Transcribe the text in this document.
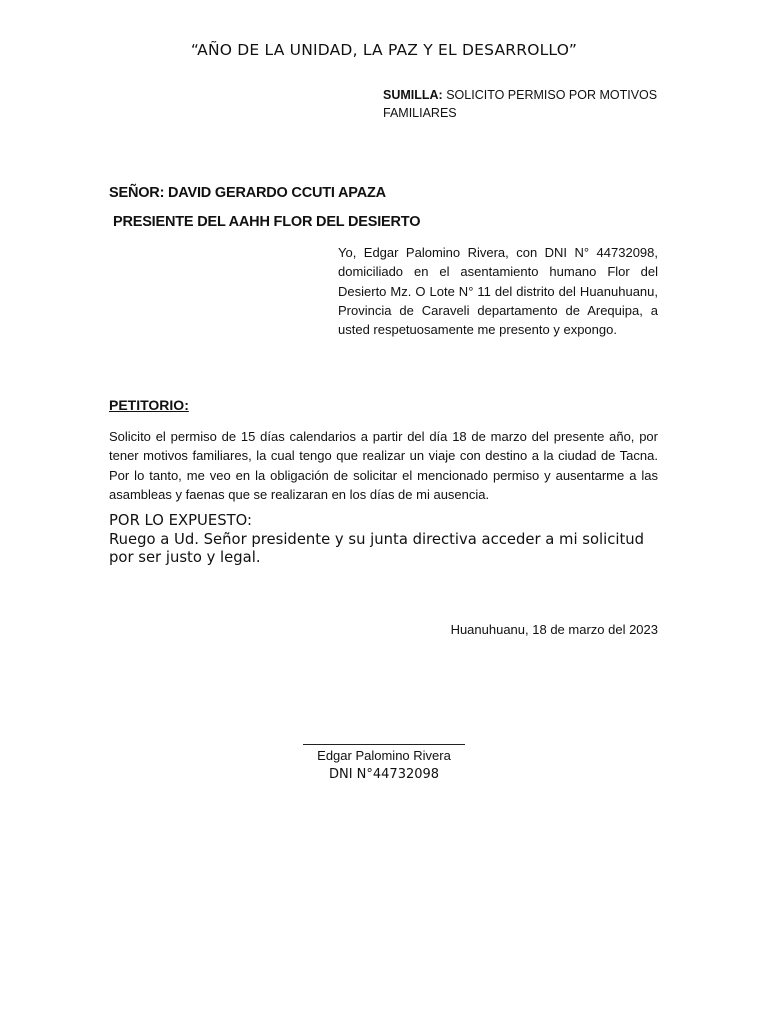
“AÑO DE LA UNIDAD, LA PAZ Y EL DESARROLLO”
SUMILLA: SOLICITO PERMISO POR MOTIVOS FAMILIARES
SEÑOR: DAVID GERARDO CCUTI APAZA
PRESIENTE DEL AAHH FLOR DEL DESIERTO
Yo, Edgar Palomino Rivera, con DNI N° 44732098, domiciliado en el asentamiento humano Flor del Desierto Mz. O Lote N° 11 del distrito del Huanuhuanu, Provincia de Caraveli departamento de Arequipa, a usted respetuosamente me presento y expongo.
PETITORIO:
Solicito el permiso de 15 días calendarios a partir del día 18 de marzo del presente año, por tener motivos familiares, la cual tengo que realizar un viaje con destino a la ciudad de Tacna. Por lo tanto, me veo en la obligación de solicitar el mencionado permiso y ausentarme a las asambleas y faenas que se realizaran en los días de mi ausencia.
POR LO EXPUESTO:
Ruego a Ud. Señor presidente y su junta directiva acceder a mi solicitud por ser justo y legal.
Huanuhuanu, 18 de marzo del 2023
Edgar Palomino Rivera
DNI N°44732098
